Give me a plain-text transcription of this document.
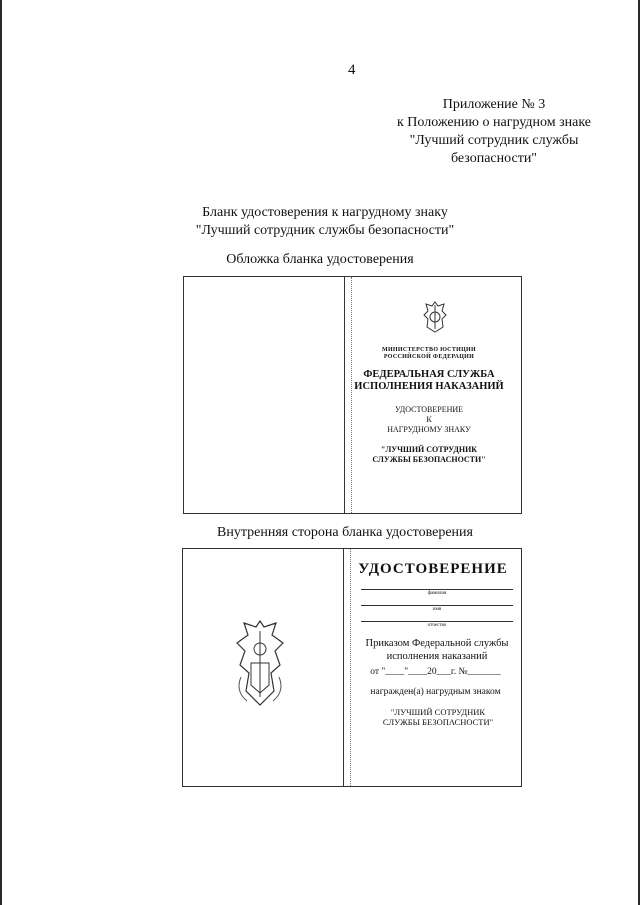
4
Приложение № 3
к Положению о нагрудном знаке
"Лучший сотрудник службы
безопасности"
Бланк удостоверения к нагрудному знаку
"Лучший сотрудник службы безопасности"
Обложка бланка удостоверения
МИНИСТЕРСТВО ЮСТИЦИИ
РОССИЙСКОЙ ФЕДЕРАЦИИ
ФЕДЕРАЛЬНАЯ СЛУЖБА
ИСПОЛНЕНИЯ НАКАЗАНИЙ
УДОСТОВЕРЕНИЕ
К
НАГРУДНОМУ ЗНАКУ
"ЛУЧШИЙ СОТРУДНИК
СЛУЖБЫ БЕЗОПАСНОСТИ"
Внутренняя сторона бланка удостоверения
УДОСТОВЕРЕНИЕ
фамилия
имя
отчество
Приказом Федеральной службы
исполнения наказаний
от "____"____20___г. №_______
награжден(а) нагрудным знаком
"ЛУЧШИЙ СОТРУДНИК
СЛУЖБЫ БЕЗОПАСНОСТИ"
